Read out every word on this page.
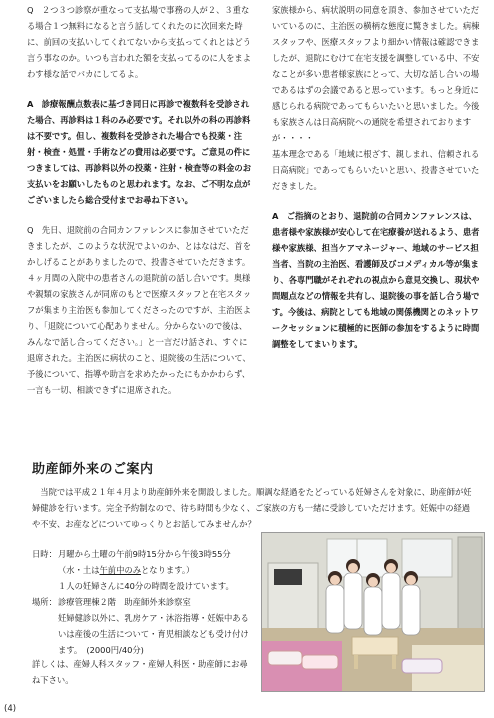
Q　２つ３つ診察が重なって支払場で事務の人が２、３重なる場合１つ無料になると言う話してくれたのに次回来た時に、前回の支払いしてくれてないから支払ってくれとはどう言う事なのか。いつも言われた額を支払ってるのに人をまよわす様な話でバカにしてるよ。

A　診療報酬点数表に基づき同日に再診で複数科を受診された場合、再診料は１科のみ必要です。それ以外の科の再診料は不要です。但し、複数科を受診された場合でも投薬・注射・検査・処置・手術などの費用は必要です。ご意見の件につきましては、再診料以外の投薬・注射・検査等の料金のお支払いをお願いしたものと思われます。なお、ご不明な点がございましたら総合受付までお尋ね下さい。

Q　先日、退院前の合同カンファレンスに参加させていただきましたが、このような状況でよいのか、とはなはだ、首をかしげることがありましたので、投書させていただきます。４ヶ月間の入院中の患者さんの退院前の話し合いです。奥様や親類の家族さんが同席のもとで医療スタッフと在宅スタッフが集まり主治医も参加してくださったのですが、主治医より、「退院について心配ありません。分からないので後は、みんなで話し合ってください。」と一言だけ話され、すぐに退席された。主治医に病状のこと、退院後の生活について、予後について、指導や助言を求めたかったにもかかわらず、一言も一切、相談できずに退席された。

家族様から、病状説明の同意を頂き、参加させていただいているのに、主治医の横柄な態度に驚きました。病棟スタッフや、医療スタッフより細かい情報は確認できましたが、退院にむけて在宅支援を調整している中、不安なことが多い患者様家族にとって、大切な話し合いの場であるはずの会議であると思っています。もっと身近に感じられる病院であってもらいたいと思いました。今後も家族さんは日高病院への通院を希望されておりますが・・・・
基本理念である「地域に根ざす、親しまれ、信頼される日高病院」であってもらいたいと思い、投書させていただきました。

A　ご指摘のとおり、退院前の合同カンファレンスは、患者様や家族様が安心して在宅療養が送れるよう、患者様や家族様、担当ケアマネージャー、地域のサービス担当者、当院の主治医、看護師及びコメディカル等が集まり、各専門職がそれぞれの視点から意見交換し、現状や問題点などの情報を共有し、退院後の事を話し合う場です。今後は、病院としても地域の関係機関とのネットワークセッションに積極的に医師の参加をするように時間調整をしてまいります。

助産師外来のご案内

　当院では平成２１年４月より助産師外来を開設しました。順調な経過をたどっている妊婦さんを対象に、助産師が妊婦健診を行います。完全予約制なので、待ち時間も少なく、ご家族の方も一緒に受診していただけます。妊娠中の経過や不安、お産などについてゆっくりとお話してみませんか？

日時： 月曜から土曜の午前9時15分から午後3時55分
（水・土は午前中のみとなります。）
１人の妊婦さんに40分の時間を設けています。
場所： 診療管理棟２階　助産師外来診察室
妊婦健診以外に、乳房ケア・沐浴指導・妊娠中あるいは産後の生活について・育児相談なども受け付けます。　(2000円/40分)

詳しくは、産婦人科スタッフ・産婦人科医・助産師にお尋ね下さい。

(4)
